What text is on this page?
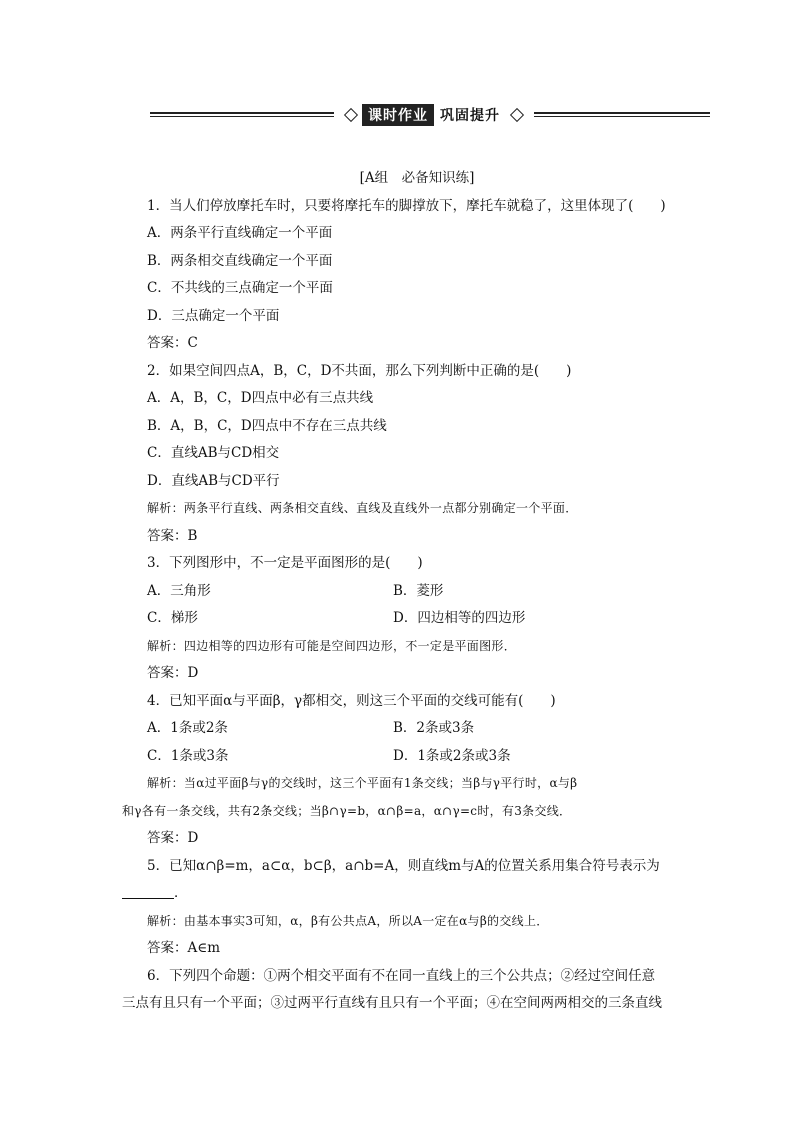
课时作业 巩固提升
[A组　必备知识练]
1．当人们停放摩托车时，只要将摩托车的脚撑放下，摩托车就稳了，这里体现了(　　)
A．两条平行直线确定一个平面
B．两条相交直线确定一个平面
C．不共线的三点确定一个平面
D．三点确定一个平面
答案：C
2．如果空间四点A，B，C，D不共面，那么下列判断中正确的是(　　)
A．A，B，C，D四点中必有三点共线
B．A，B，C，D四点中不存在三点共线
C．直线AB与CD相交
D．直线AB与CD平行
解析：两条平行直线、两条相交直线、直线及直线外一点都分别确定一个平面．
答案：B
3．下列图形中，不一定是平面图形的是(　　)
A．三角形	B．菱形
C．梯形	D．四边相等的四边形
解析：四边相等的四边形有可能是空间四边形，不一定是平面图形．
答案：D
4．已知平面α与平面β，γ都相交，则这三个平面的交线可能有(　　)
A．1条或2条	B．2条或3条
C．1条或3条	D．1条或2条或3条
解析：当α过平面β与γ的交线时，这三个平面有1条交线；当β与γ平行时，α与β
和γ各有一条交线，共有2条交线；当β∩γ=b，α∩β=a，α∩γ=c时，有3条交线．
答案：D
5．已知α∩β=m，a⊂α，b⊂β，a∩b=A，则直线m与A的位置关系用集合符号表示为
．
解析：由基本事实3可知，α，β有公共点A，所以A一定在α与β的交线上．
答案：A∈m
6．下列四个命题：①两个相交平面有不在同一直线上的三个公共点；②经过空间任意
三点有且只有一个平面；③过两平行直线有且只有一个平面；④在空间两两相交的三条直线
